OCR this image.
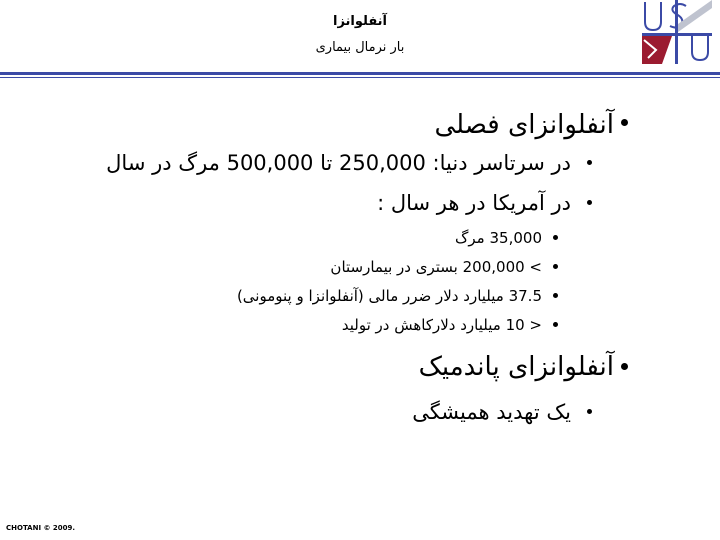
آنفلوانزا
بار نرمال بیماری
آنفلوانزای فصلی
در سرتاسر دنیا: 250,000 تا 500,000 مرگ در سال
در آمریکا در هر سال :
35,000 مرگ
> 200,000 بستری در بیمارستان
37.5 میلیارد دلار ضرر مالی (آنفلوانزا و پنومونی)
< 10 میلیارد دلارکاهش در تولید
آنفلوانزای پاندمیک
یک تهدید همیشگی
CHOTANI © 2009.
